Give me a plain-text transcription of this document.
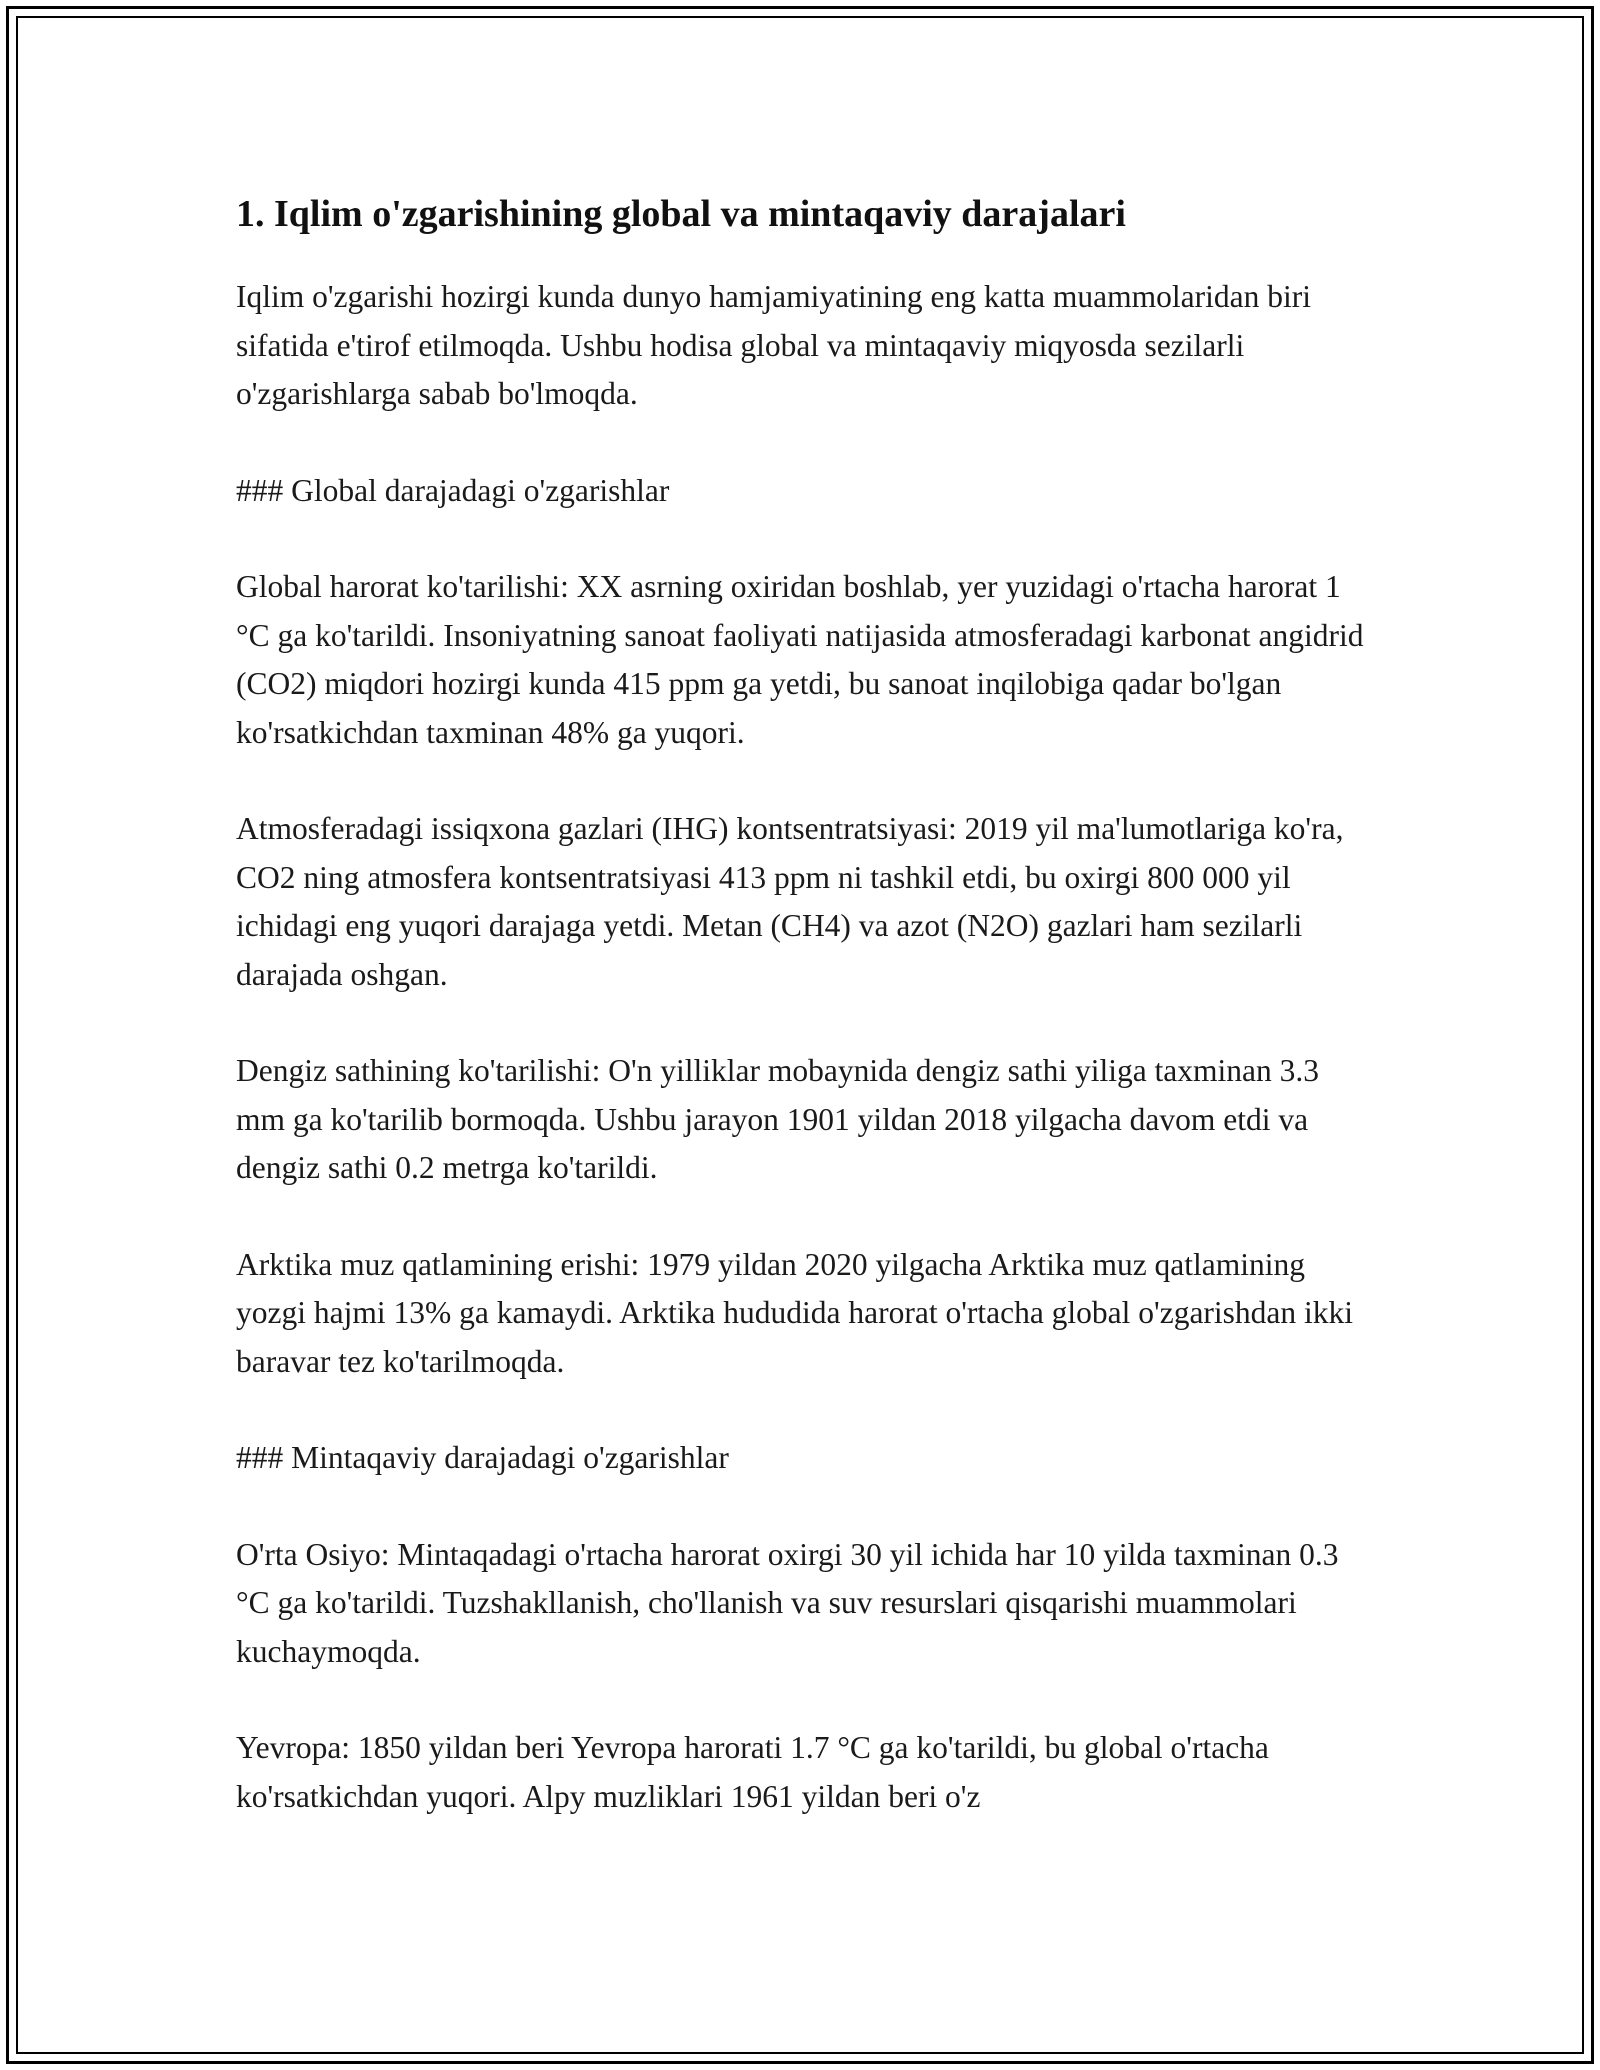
1. Iqlim o'zgarishining global va mintaqaviy darajalari

Iqlim o'zgarishi hozirgi kunda dunyo hamjamiyatining eng katta muammolaridan biri sifatida e'tirof etilmoqda. Ushbu hodisa global va mintaqaviy miqyosda sezilarli o'zgarishlarga sabab bo'lmoqda.

### Global darajadagi o'zgarishlar

Global harorat ko'tarilishi: XX asrning oxiridan boshlab, yer yuzidagi o'rtacha harorat 1 °C ga ko'tarildi. Insoniyatning sanoat faoliyati natijasida atmosferadagi karbonat angidrid (CO2) miqdori hozirgi kunda 415 ppm ga yetdi, bu sanoat inqilobiga qadar bo'lgan ko'rsatkichdan taxminan 48% ga yuqori.

Atmosferadagi issiqxona gazlari (IHG) kontsentratsiyasi: 2019 yil ma'lumotlariga ko'ra, CO2 ning atmosfera kontsentratsiyasi 413 ppm ni tashkil etdi, bu oxirgi 800 000 yil ichidagi eng yuqori darajaga yetdi. Metan (CH4) va azot (N2O) gazlari ham sezilarli darajada oshgan.

Dengiz sathining ko'tarilishi: O'n yilliklar mobaynida dengiz sathi yiliga taxminan 3.3 mm ga ko'tarilib bormoqda. Ushbu jarayon 1901 yildan 2018 yilgacha davom etdi va dengiz sathi 0.2 metrga ko'tarildi.

Arktika muz qatlamining erishi: 1979 yildan 2020 yilgacha Arktika muz qatlamining yozgi hajmi 13% ga kamaydi. Arktika hududida harorat o'rtacha global o'zgarishdan ikki baravar tez ko'tarilmoqda.

### Mintaqaviy darajadagi o'zgarishlar

O'rta Osiyo: Mintaqadagi o'rtacha harorat oxirgi 30 yil ichida har 10 yilda taxminan 0.3 °C ga ko'tarildi. Tuzshakllanish, cho'llanish va suv resurslari qisqarishi muammolari kuchaymoqda.

Yevropa: 1850 yildan beri Yevropa harorati 1.7 °C ga ko'tarildi, bu global o'rtacha ko'rsatkichdan yuqori. Alpy muzliklari 1961 yildan beri o'z
